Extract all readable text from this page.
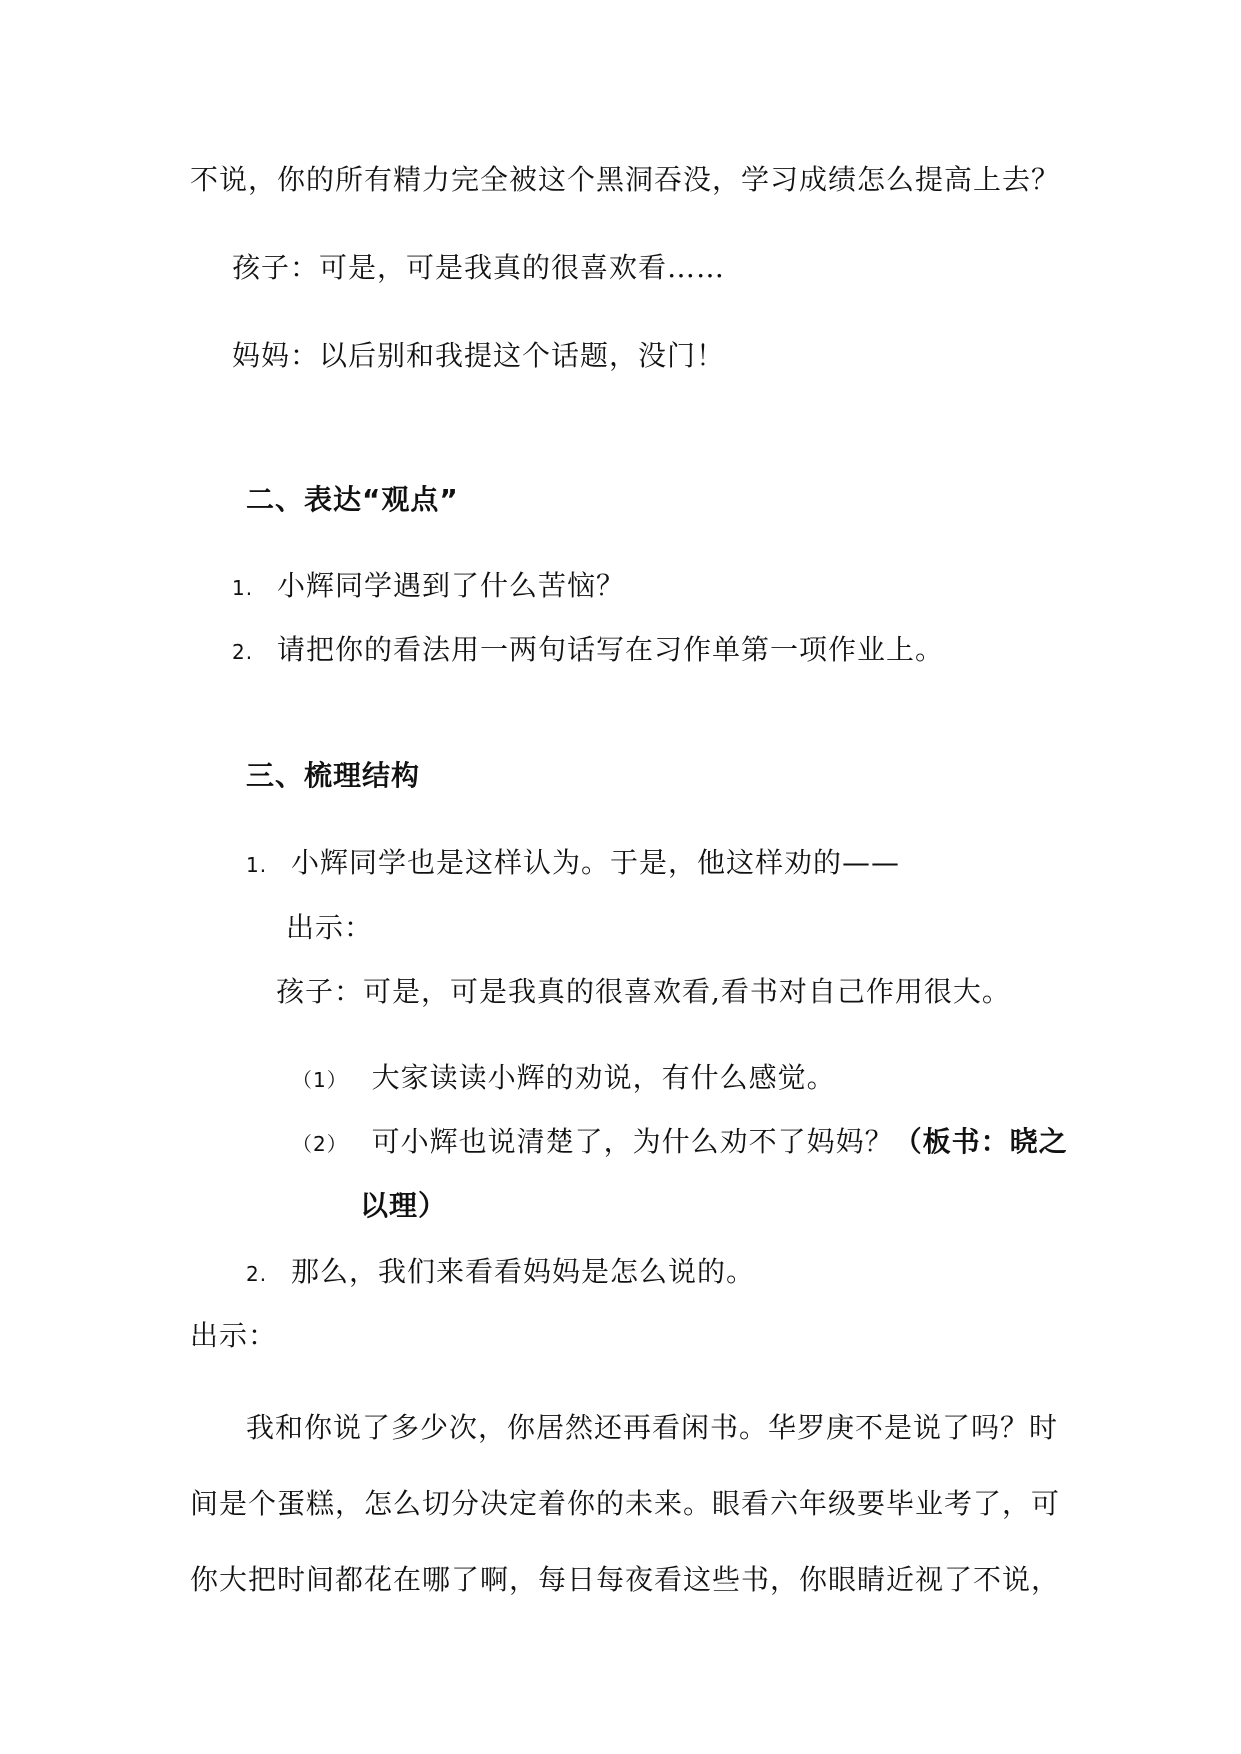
不说，你的所有精力完全被这个黑洞吞没，学习成绩怎么提高上去？
孩子：可是，可是我真的很喜欢看……
妈妈：以后别和我提这个话题，没门！
二、表达“观点”
1. 小辉同学遇到了什么苦恼？
2. 请把你的看法用一两句话写在习作单第一项作业上。
三、梳理结构
1. 小辉同学也是这样认为。于是，他这样劝的——
出示：
孩子：可是，可是我真的很喜欢看,看书对自己作用很大。
（1） 大家读读小辉的劝说，有什么感觉。
（2） 可小辉也说清楚了，为什么劝不了妈妈？（板书：晓之
以理）
2. 那么，我们来看看妈妈是怎么说的。
出示：
我和你说了多少次，你居然还再看闲书。华罗庚不是说了吗？时
间是个蛋糕，怎么切分决定着你的未来。眼看六年级要毕业考了，可
你大把时间都花在哪了啊，每日每夜看这些书，你眼睛近视了不说，
